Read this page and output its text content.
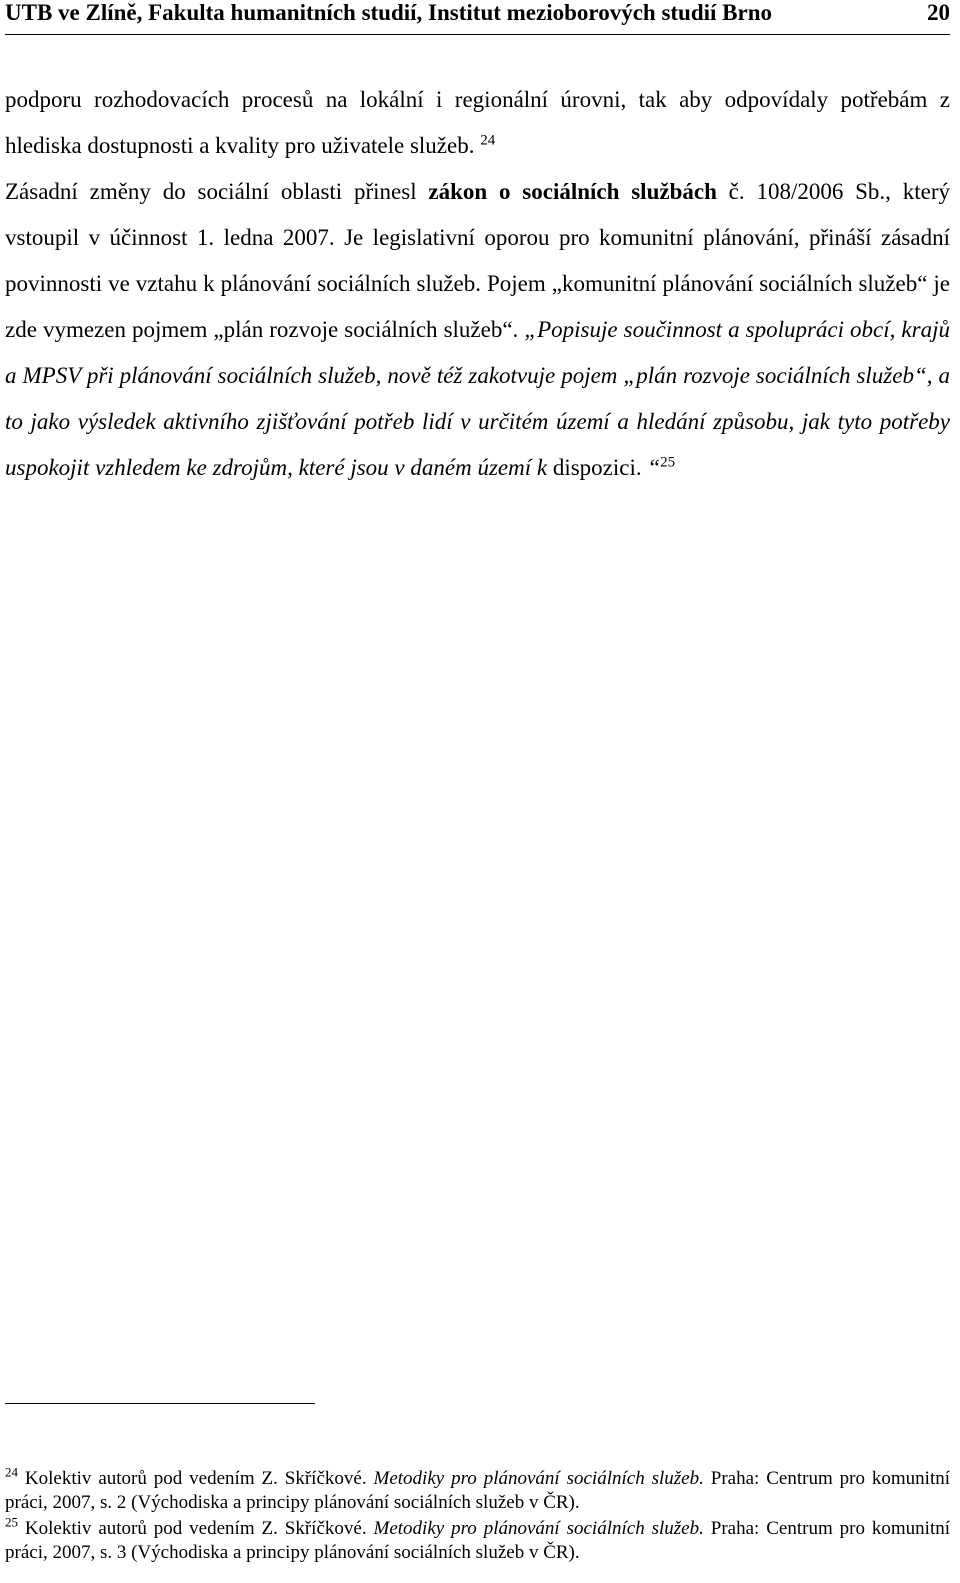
UTB ve Zlíně, Fakulta humanitních studií, Institut mezioborových studií Brno	20

podporu rozhodovacích procesů na lokální i regionální úrovni, tak aby odpovídaly potřebám z hlediska dostupnosti a kvality pro uživatele služeb. $^{24}$

Zásadní změny do sociální oblasti přinesl zákon o sociálních službách č. 108/2006 Sb., který vstoupil v účinnost 1. ledna 2007. Je legislativní oporou pro komunitní plánování, přináší zásadní povinnosti ve vztahu k plánování sociálních služeb. Pojem „komunitní plánování sociálních služeb“ je zde vymezen pojmem „plán rozvoje sociálních služeb“. „Popisuje součinnost a spolupráci obcí, krajů a MPSV při plánování sociálních služeb, nově též zakotvuje pojem „plán rozvoje sociálních služeb“, a to jako výsledek aktivního zjišťování potřeb lidí v určitém území a hledání způsobu, jak tyto potřeby uspokojit vzhledem ke zdrojům, které jsou v daném území k dispozici. “$^{25}$

$^{24}$ Kolektiv autorů pod vedením Z. Skříčkové. Metodiky pro plánování sociálních služeb. Praha: Centrum pro komunitní práci, 2007, s. 2 (Východiska a principy plánování sociálních služeb v ČR).

$^{25}$ Kolektiv autorů pod vedením Z. Skříčkové. Metodiky pro plánování sociálních služeb. Praha: Centrum pro komunitní práci, 2007, s. 3 (Východiska a principy plánování sociálních služeb v ČR).
